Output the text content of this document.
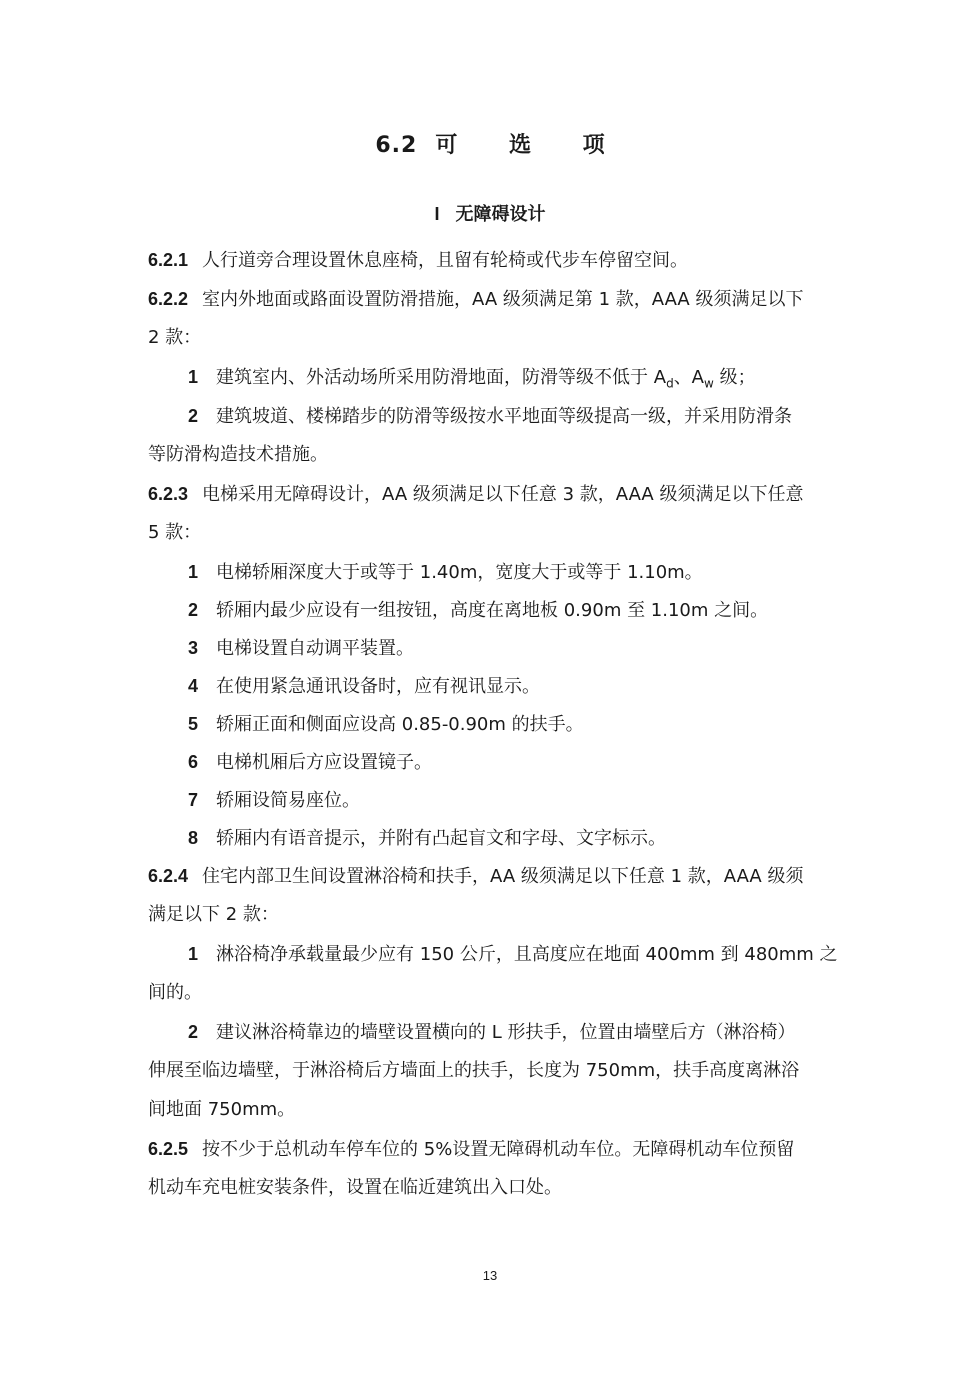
6.2 可 选 项
I 无障碍设计
6.2.1 人行道旁合理设置休息座椅，且留有轮椅或代步车停留空间。
6.2.2 室内外地面或路面设置防滑措施，AA 级须满足第 1 款，AAA 级须满足以下
2 款：
1 建筑室内、外活动场所采用防滑地面，防滑等级不低于 $A_d$、$A_w$ 级；
2 建筑坡道、楼梯踏步的防滑等级按水平地面等级提高一级，并采用防滑条
等防滑构造技术措施。
6.2.3 电梯采用无障碍设计，AA 级须满足以下任意 3 款，AAA 级须满足以下任意
5 款：
1 电梯轿厢深度大于或等于 1.40m，宽度大于或等于 1.10m。
2 轿厢内最少应设有一组按钮，高度在离地板 0.90m 至 1.10m 之间。
3 电梯设置自动调平装置。
4 在使用紧急通讯设备时，应有视讯显示。
5 轿厢正面和侧面应设高 0.85-0.90m 的扶手。
6 电梯机厢后方应设置镜子。
7 轿厢设简易座位。
8 轿厢内有语音提示，并附有凸起盲文和字母、文字标示。
6.2.4 住宅内部卫生间设置淋浴椅和扶手，AA 级须满足以下任意 1 款，AAA 级须
满足以下 2 款：
1 淋浴椅净承载量最少应有 150 公斤，且高度应在地面 400mm 到 480mm 之
间的。
2 建议淋浴椅靠边的墙壁设置横向的 L 形扶手，位置由墙壁后方（淋浴椅）
伸展至临边墙壁，于淋浴椅后方墙面上的扶手，长度为 750mm，扶手高度离淋浴
间地面 750mm。
6.2.5 按不少于总机动车停车位的 5%设置无障碍机动车位。无障碍机动车位预留
机动车充电桩安装条件，设置在临近建筑出入口处。
13
